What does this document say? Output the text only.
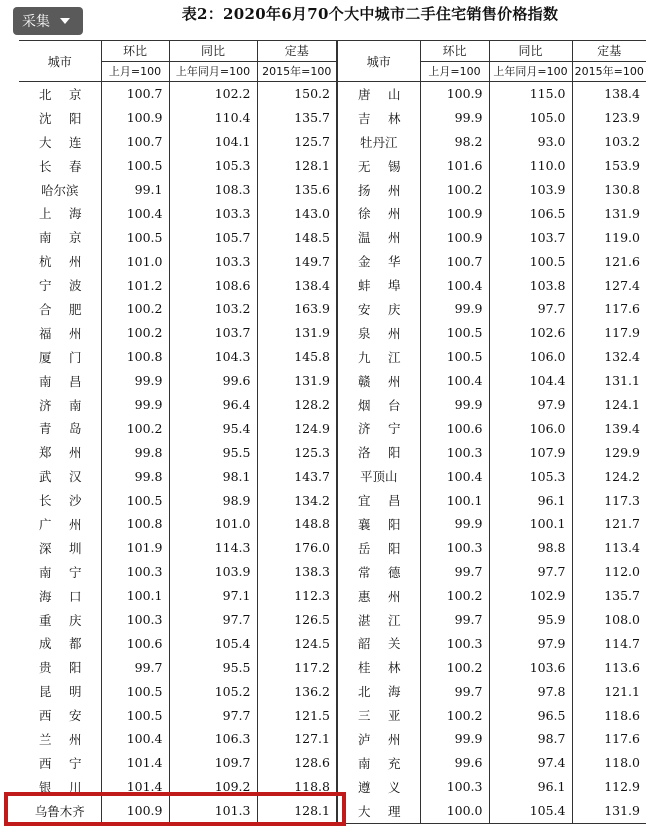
采集	表2：2020年6月70个大中城市二手住宅销售价格指数
城市	环比	同比	定基	城市	环比	同比	定基
	上月=100	上年同月=100	2015年=100		上月=100	上年同月=100	2015年=100
北京	100.7	102.2	150.2	唐山	100.9	115.0	138.4
沈阳	100.9	110.4	135.7	吉林	99.9	105.0	123.9
大连	100.7	104.1	125.7	牡丹江	98.2	93.0	103.2
长春	100.5	105.3	128.1	无锡	101.6	110.0	153.9
哈尔滨	99.1	108.3	135.6	扬州	100.2	103.9	130.8
上海	100.4	103.3	143.0	徐州	100.9	106.5	131.9
南京	100.5	105.7	148.5	温州	100.9	103.7	119.0
杭州	101.0	103.3	149.7	金华	100.7	100.5	121.6
宁波	101.2	108.6	138.4	蚌埠	100.4	103.8	127.4
合肥	100.2	103.2	163.9	安庆	99.9	97.7	117.6
福州	100.2	103.7	131.9	泉州	100.5	102.6	117.9
厦门	100.8	104.3	145.8	九江	100.5	106.0	132.4
南昌	99.9	99.6	131.9	赣州	100.4	104.4	131.1
济南	99.9	96.4	128.2	烟台	99.9	97.9	124.1
青岛	100.2	95.4	124.9	济宁	100.6	106.0	139.4
郑州	99.8	95.5	125.3	洛阳	100.3	107.9	129.9
武汉	99.8	98.1	143.7	平顶山	100.4	105.3	124.2
长沙	100.5	98.9	134.2	宜昌	100.1	96.1	117.3
广州	100.8	101.0	148.8	襄阳	99.9	100.1	121.7
深圳	101.9	114.3	176.0	岳阳	100.3	98.8	113.4
南宁	100.3	103.9	138.3	常德	99.7	97.7	112.0
海口	100.1	97.1	112.3	惠州	100.2	102.9	135.7
重庆	100.3	97.7	126.5	湛江	99.7	95.9	108.0
成都	100.6	105.4	124.5	韶关	100.3	97.9	114.7
贵阳	99.7	95.5	117.2	桂林	100.2	103.6	113.6
昆明	100.5	105.2	136.2	北海	99.7	97.8	121.1
西安	100.5	97.7	121.5	三亚	100.2	96.5	118.6
兰州	100.4	106.3	127.1	泸州	99.9	98.7	117.6
西宁	101.4	109.7	128.6	南充	99.6	97.4	118.0
银川	101.4	109.2	118.8	遵义	100.3	96.1	112.9
乌鲁木齐	100.9	101.3	128.1	大理	100.0	105.4	131.9
